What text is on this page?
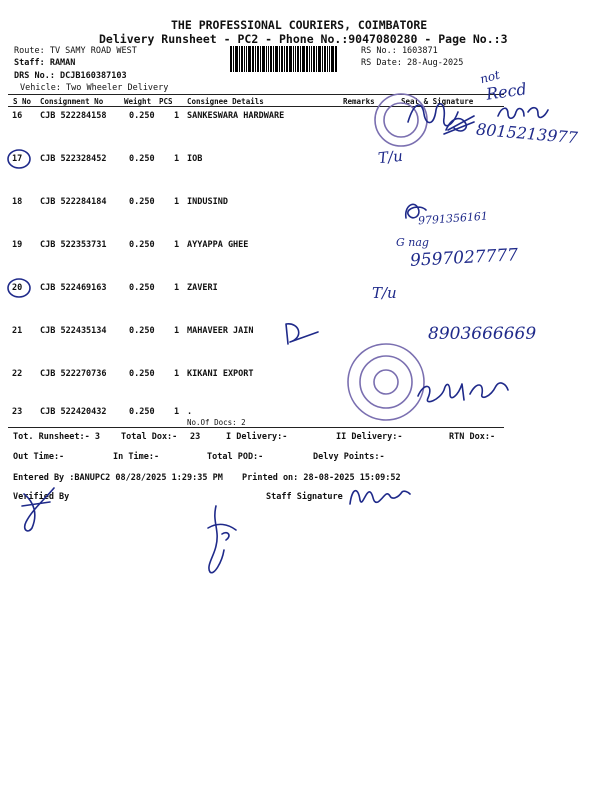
THE PROFESSIONAL COURIERS, COIMBATORE
Delivery Runsheet - PC2 - Phone No.:9047080280 - Page No.:3
Route: TV SAMY ROAD WEST
Staff: RAMAN
DRS No.: DCJB160387103
Vehicle: Two Wheeler Delivery
RS No.: 1603871
RS Date: 28-Aug-2025
S No Consignment No	Weight PCS Consignee Details	Remarks	Seal & Signature
16 CJB 522284158	0.250 1 SANKESWARA HARDWARE
17 CJB 522328452	0.250 1 IOB
18 CJB 522284184	0.250 1 INDUSIND
19 CJB 522353731	0.250 1 AYYAPPA GHEE
20 CJB 522469163	0.250 1 ZAVERI
21 CJB 522435134	0.250 1 MAHAVEER JAIN
22 CJB 522270736	0.250 1 KIKANI EXPORT
23 CJB 522420432	0.250 1 .
No.Of Docs: 2
Tot. Runsheet:- 3 Total Dox:- 23	I Delivery:-	II Delivery:-	RTN Dox:-
Out Time:-	In Time:-	Total POD:-	Delvy Points:-
Entered By :BANUPC2 08/28/2025 1:29:35 PM Printed on: 28-08-2025 15:09:52
Verified By	Staff Signature
not
Recd
8015213977
T/u
9791356161
G nag
9597027777
T/u
8903666669
